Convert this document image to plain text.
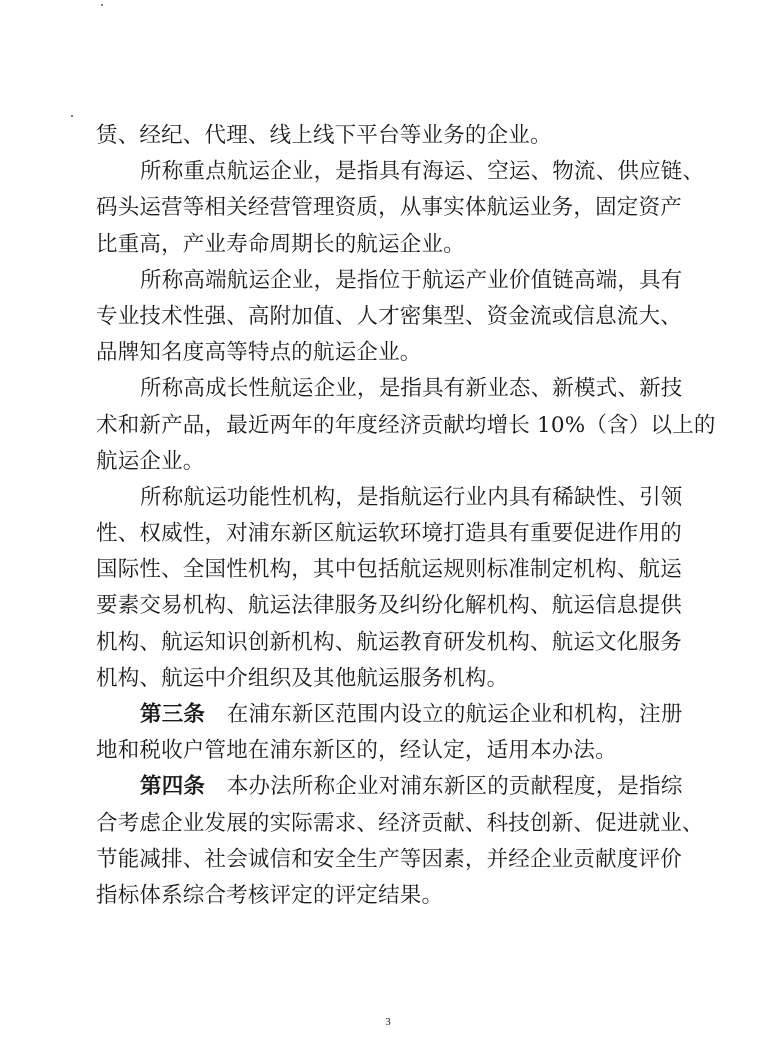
赁、经纪、代理、线上线下平台等业务的企业。
所称重点航运企业，是指具有海运、空运、物流、供应链、
码头运营等相关经营管理资质，从事实体航运业务，固定资产
比重高，产业寿命周期长的航运企业。
所称高端航运企业，是指位于航运产业价值链高端，具有
专业技术性强、高附加值、人才密集型、资金流或信息流大、
品牌知名度高等特点的航运企业。
所称高成长性航运企业，是指具有新业态、新模式、新技
术和新产品，最近两年的年度经济贡献均增长 10%（含）以上的
航运企业。
所称航运功能性机构，是指航运行业内具有稀缺性、引领
性、权威性，对浦东新区航运软环境打造具有重要促进作用的
国际性、全国性机构，其中包括航运规则标准制定机构、航运
要素交易机构、航运法律服务及纠纷化解机构、航运信息提供
机构、航运知识创新机构、航运教育研发机构、航运文化服务
机构、航运中介组织及其他航运服务机构。
第三条　 在浦东新区范围内设立的航运企业和机构，注册
地和税收户管地在浦东新区的，经认定，适用本办法。
第四条　 本办法所称企业对浦东新区的贡献程度，是指综
合考虑企业发展的实际需求、经济贡献、科技创新、促进就业、
节能减排、社会诚信和安全生产等因素，并经企业贡献度评价
指标体系综合考核评定的评定结果。
3
